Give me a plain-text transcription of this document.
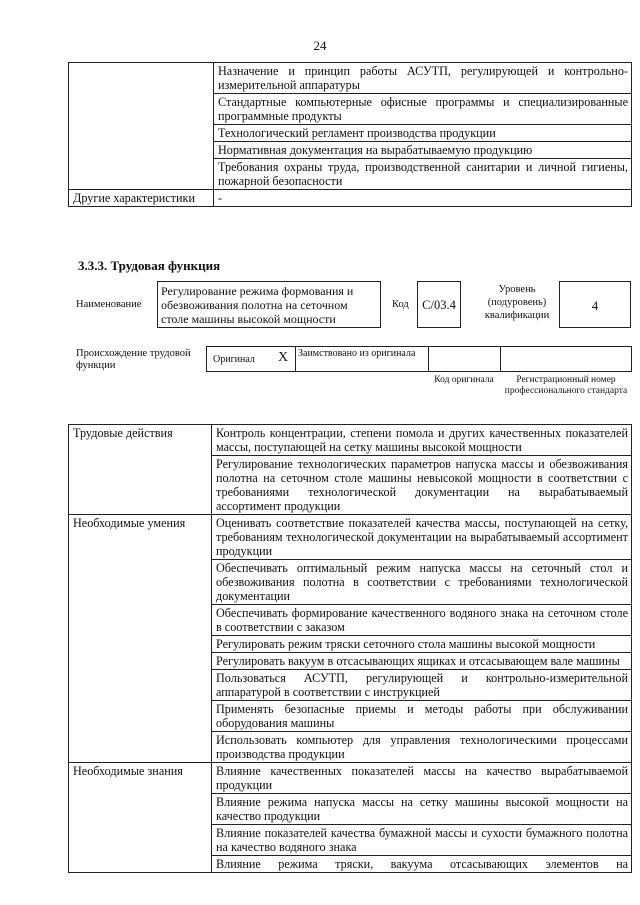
24
	Назначение и принцип работы АСУТП, регулирующей и контрольно-измерительной аппаратуры
	Стандартные компьютерные офисные программы и специализированные программные продукты
	Технологический регламент производства продукции
	Нормативная документация на вырабатываемую продукцию
	Требования охраны труда, производственной санитарии и личной гигиены, пожарной безопасности
Другие характеристики	-
3.3.3. Трудовая функция
Наименование
Регулирование режима формования и обезвоживания полотна на сеточном столе машины высокой мощности
Код	С/03.4
Уровень (подуровень) квалификации
4
Происхождение трудовой функции
Оригинал X Заимствовано из оригинала
Код оригинала	Регистрационный номер профессионального стандарта
Трудовые действия	Контроль концентрации, степени помола и других качественных показателей массы, поступающей на сетку машины высокой мощности
	Регулирование технологических параметров напуска массы и обезвоживания полотна на сеточном столе машины невысокой мощности в соответствии с требованиями технологической документации на вырабатываемый ассортимент продукции
Необходимые умения	Оценивать соответствие показателей качества массы, поступающей на сетку, требованиям технологической документации на вырабатываемый ассортимент продукции
	Обеспечивать оптимальный режим напуска массы на сеточный стол и обезвоживания полотна в соответствии с требованиями технологической документации
	Обеспечивать формирование качественного водяного знака на сеточном столе в соответствии с заказом
	Регулировать режим тряски сеточного стола машины высокой мощности
	Регулировать вакуум в отсасывающих ящиках и отсасывающем вале машины
	Пользоваться АСУТП, регулирующей и контрольно-измерительной аппаратурой в соответствии с инструкцией
	Применять безопасные приемы и методы работы при обслуживании оборудования машины
	Использовать компьютер для управления технологическими процессами производства продукции
Необходимые знания	Влияние качественных показателей массы на качество вырабатываемой продукции
	Влияние режима напуска массы на сетку машины высокой мощности на качество продукции
	Влияние показателей качества бумажной массы и сухости бумажного полотна на качество водяного знака
	Влияние режима тряски, вакуума отсасывающих элементов на
